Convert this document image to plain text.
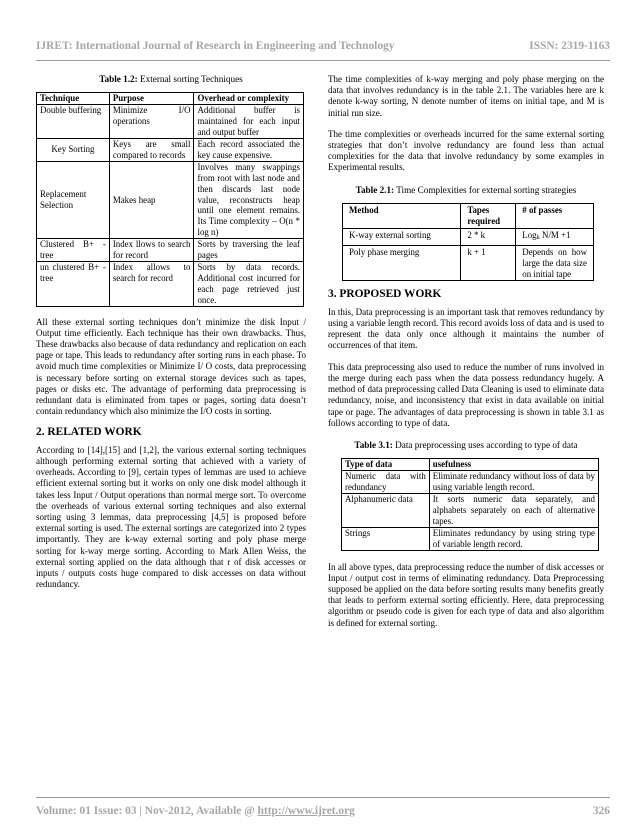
IJRET: International Journal of Research in Engineering and Technology	ISSN: 2319-1163
Table 1.2: External sorting Techniques
Technique	Purpose	Overhead or complexity
Double buffering	Minimize I/O operations	Additional buffer is maintained for each input and output buffer
Key Sorting	Keys are small compared to records	Each record associated the key cause expensive.
Replacement Selection	Makes heap	Involves many swappings from root with last node and then discards last node value, reconstructs heap until one element remains. Its Time complexity – O(n * log n)
Clustered B+ - tree	Index llows to search for record	Sorts by traversing the leaf pages
un clustered B+ - tree	Index allows to search for record	Sorts by data records. Additional cost incurred for each page retrieved just once.

All these external sorting techniques don’t minimize the disk Input / Output time efficiently. Each technique has their own drawbacks. Thus, These drawbacks also because of data redundancy and replication on each page or tape. This leads to redundancy after sorting runs in each phase. To avoid much time complexities or Minimize I/ O costs, data preprocessing is necessary before sorting on external storage devices such as tapes, pages or disks etc. The advantage of performing data preprocessing is redundant data is eliminated from tapes or pages, sorting data doesn’t contain redundancy which also minimize the I/O costs in sorting.

2. RELATED WORK

According to [14],[15] and [1,2], the various external sorting techniques although performing external sorting that achieved with a variety of overheads. According to [9], certain types of lemmas are used to achieve efficient external sorting but it works on only one disk model although it takes less Input / Output operations than normal merge sort. To overcome the overheads of various external sorting techniques and also external sorting using 3 lemmas, data preprocessing [4,5] is proposed before external sorting is used. The external sortings are categorized into 2 types importantly. They are k-way external sorting and poly phase merge sorting for k-way merge sorting. According to Mark Allen Weiss, the external sorting applied on the data although that r of disk accesses or inputs / outputs costs huge compared to disk accesses on data without redundancy.

The time complexities of k-way merging and poly phase merging on the data that involves redundancy is in the table 2.1. The variables here are k denote k-way sorting, N denote number of items on initial tape, and M is initial run size.

The time complexities or overheads incurred for the same external sorting strategies that don’t involve redundancy are found less than actual complexities for the data that involve redundancy by some examples in Experimental results.

Table 2.1: Time Complexities for external sorting strategies
Method	Tapes required	# of passes
K-way external sorting	2 * k	Logk N/M +1
Poly phase merging	k + 1	Depends on how large the data size on initial tape
3. PROPOSED WORK

In this, Data preprocessing is an important task that removes redundancy by using a variable length record. This record avoids loss of data and is used to represent the data only once although it maintains the number of occurrences of that item.

This data preprocessing also used to reduce the number of runs involved in the merge during each pass when the data possess redundancy hugely. A method of data preprocessing called Data Cleaning is used to eliminate data redundancy, noise, and inconsistency that exist in data available on initial tape or page. The advantages of data preprocessing is shown in table 3.1 as follows according to type of data.

Table 3.1: Data preprocessing uses according to type of data
Type of data	usefulness
Numeric data with redundancy	Eliminate redundancy without loss of data by using variable length record.
Alphanumeric data	It sorts numeric data separately, and alphabets separately on each of alternative tapes.
Strings	Eliminates redundancy by using string type of variable length record.

In all above types, data preprocessing reduce the number of disk accesses or Input / output cost in terms of eliminating redundancy. Data Preprocessing supposed be applied on the data before sorting results many benefits greatly that leads to perform external sorting efficiently. Here, data preprocessing algorithm or pseudo code is given for each type of data and also algorithm is defined for external sorting.

Volume: 01 Issue: 03 | Nov-2012, Available @ http://www.ijret.org	326
